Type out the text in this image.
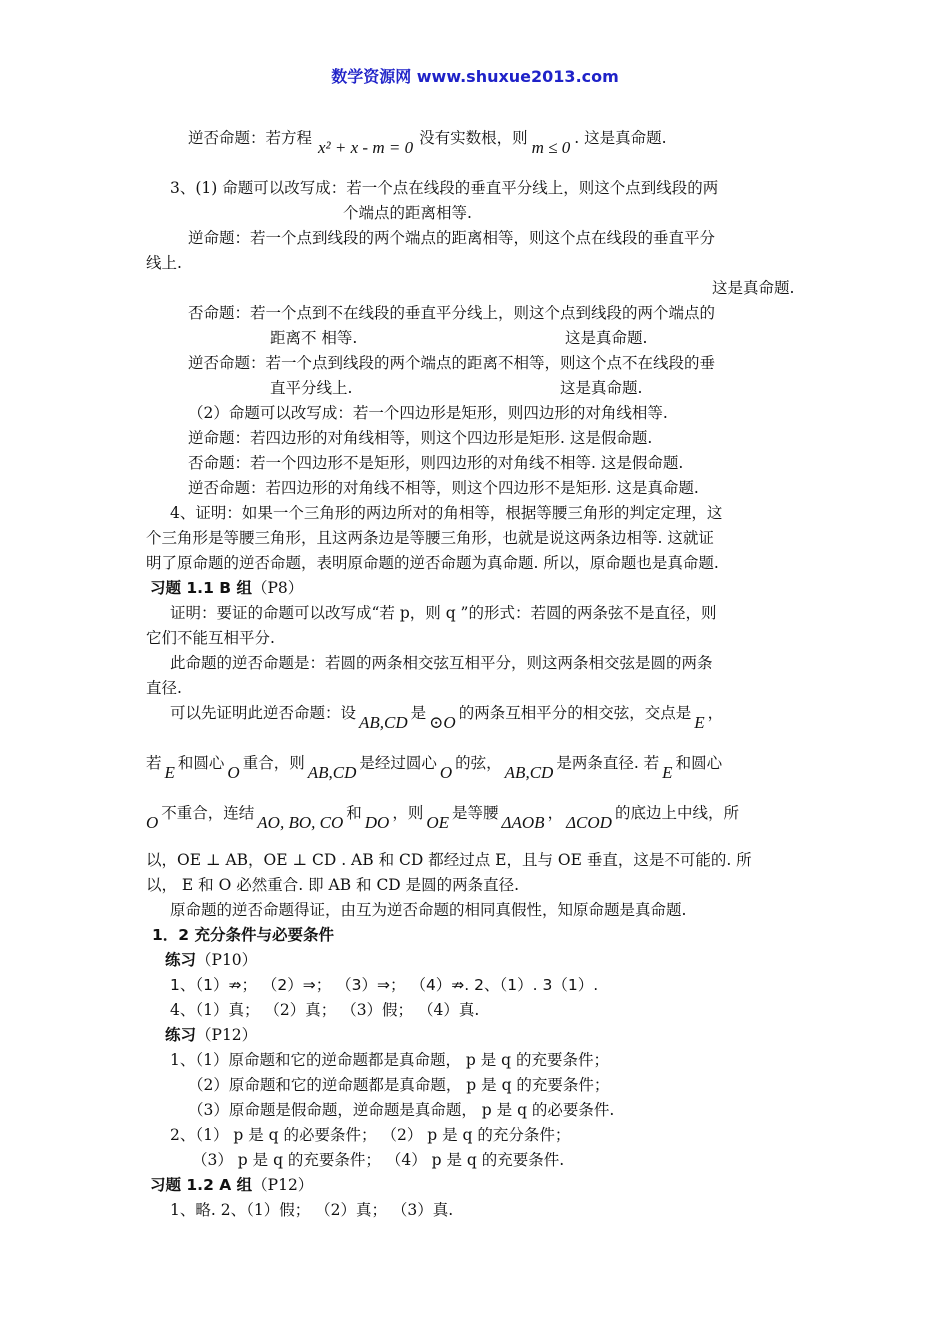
数学资源网 www.shuxue2013.com
逆否命题：若方程 x² + x - m = 0 没有实数根，则 m ≤ 0 . 这是真命题.
3、(1) 命题可以改写成：若一个点在线段的垂直平分线上，则这个点到线段的两
个端点的距离相等.
逆命题：若一个点到线段的两个端点的距离相等，则这个点在线段的垂直平分
线上.
这是真命题.
否命题：若一个点到不在线段的垂直平分线上，则这个点到线段的两个端点的
距离不 相等.	这是真命题.
逆否命题：若一个点到线段的两个端点的距离不相等，则这个点不在线段的垂
直平分线上.	这是真命题.
（2）命题可以改写成：若一个四边形是矩形，则四边形的对角线相等.
逆命题：若四边形的对角线相等，则这个四边形是矩形. 这是假命题.
否命题：若一个四边形不是矩形，则四边形的对角线不相等. 这是假命题.
逆否命题：若四边形的对角线不相等，则这个四边形不是矩形. 这是真命题.
4、证明：如果一个三角形的两边所对的角相等，根据等腰三角形的判定定理，这
个三角形是等腰三角形，且这两条边是等腰三角形，也就是说这两条边相等. 这就证
明了原命题的逆否命题，表明原命题的逆否命题为真命题. 所以，原命题也是真命题.
习题 1.1 B 组（P8）
证明：要证的命题可以改写成“若 p，则 q ”的形式：若圆的两条弦不是直径，则
它们不能互相平分.
此命题的逆否命题是：若圆的两条相交弦互相平分，则这两条相交弦是圆的两条
直径.
可以先证明此逆否命题：设 AB,CD 是 ⊙O 的两条互相平分的相交弦，交点是 E ，
若 E 和圆心 O 重合，则 AB,CD 是经过圆心 O 的弦， AB,CD 是两条直径. 若 E 和圆心
O 不重合，连结 AO, BO, CO 和 DO ，则 OE 是等腰 ΔAOB ， ΔCOD 的底边上中线，所
以，OE ⊥ AB，OE ⊥ CD . AB 和 CD 都经过点 E，且与 OE 垂直，这是不可能的. 所
以， E 和 O 必然重合. 即 AB 和 CD 是圆的两条直径.
原命题的逆否命题得证，由互为逆否命题的相同真假性，知原命题是真命题.
1．2 充分条件与必要条件
练习（P10）
1、（1）⇏； （2）⇒； （3）⇒； （4）⇏. 2、（1）. 3（1）.
4、（1）真； （2）真； （3）假； （4）真.
练习（P12）
1、（1）原命题和它的逆命题都是真命题， p 是 q 的充要条件；
（2）原命题和它的逆命题都是真命题， p 是 q 的充要条件；
（3）原命题是假命题，逆命题是真命题， p 是 q 的必要条件.
2、（1） p 是 q 的必要条件； （2） p 是 q 的充分条件；
（3） p 是 q 的充要条件； （4） p 是 q 的充要条件.
习题 1.2 A 组（P12）
1、略. 2、（1）假； （2）真； （3）真.
